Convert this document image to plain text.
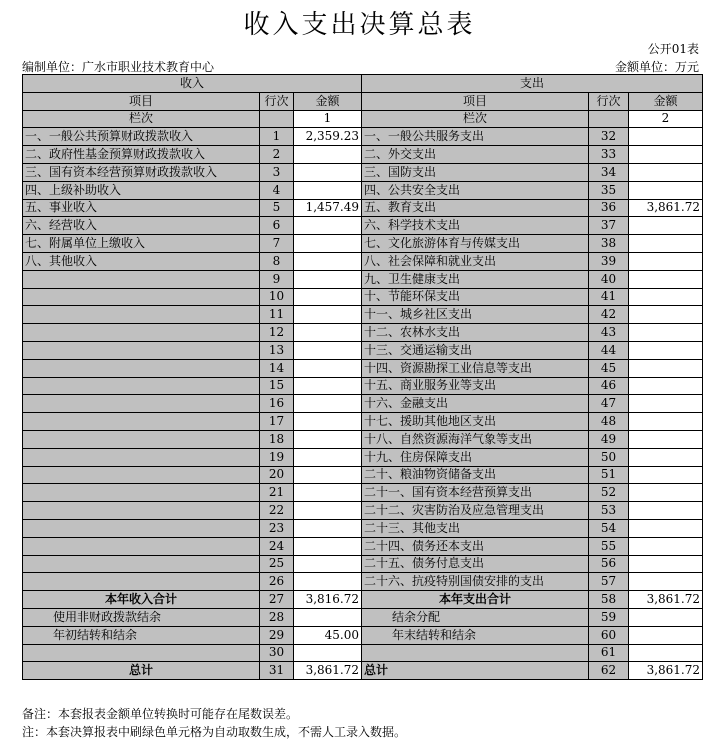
收入支出决算总表
公开01表
编制单位：广水市职业技术教育中心	金额单位：万元
收入			支出		
项目	行次	金额	项目	行次	金额
栏次		1	栏次		2
一、一般公共预算财政拨款收入	1	2,359.23	一、一般公共服务支出	32	
二、政府性基金预算财政拨款收入	2		二、外交支出	33	
三、国有资本经营预算财政拨款收入	3		三、国防支出	34	
四、上级补助收入	4		四、公共安全支出	35	
五、事业收入	5	1,457.49	五、教育支出	36	3,861.72
六、经营收入	6		六、科学技术支出	37	
七、附属单位上缴收入	7		七、文化旅游体育与传媒支出	38	
八、其他收入	8		八、社会保障和就业支出	39	
	9		九、卫生健康支出	40	
	10		十、节能环保支出	41	
	11		十一、城乡社区支出	42	
	12		十二、农林水支出	43	
	13		十三、交通运输支出	44	
	14		十四、资源勘探工业信息等支出	45	
	15		十五、商业服务业等支出	46	
	16		十六、金融支出	47	
	17		十七、援助其他地区支出	48	
	18		十八、自然资源海洋气象等支出	49	
	19		十九、住房保障支出	50	
	20		二十、粮油物资储备支出	51	
	21		二十一、国有资本经营预算支出	52	
	22		二十二、灾害防治及应急管理支出	53	
	23		二十三、其他支出	54	
	24		二十四、债务还本支出	55	
	25		二十五、债务付息支出	56	
	26		二十六、抗疫特别国债安排的支出	57	
本年收入合计	27	3,816.72	本年支出合计	58	3,861.72
使用非财政拨款结余	28		结余分配	59	
年初结转和结余	29	45.00	年末结转和结余	60	
	30			61	
总计	31	3,861.72	总计	62	3,861.72
备注：本套报表金额单位转换时可能存在尾数误差。
注：本套决算报表中刷绿色单元格为自动取数生成，不需人工录入数据。
